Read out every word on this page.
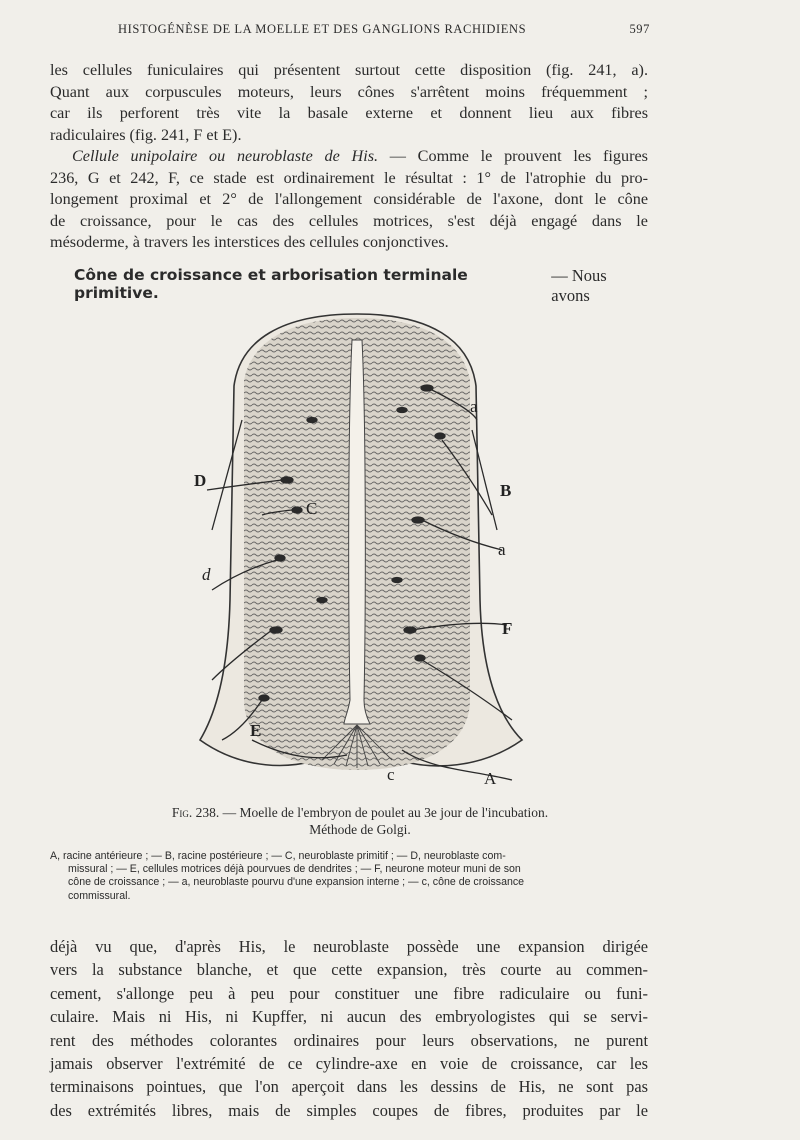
HISTOGÉNÈSE DE LA MOELLE ET DES GANGLIONS RACHIDIENS	597
les cellules funiculaires qui présentent surtout cette disposition (fig. 241, a).
Quant aux corpuscules moteurs, leurs cônes s'arrêtent moins fréquemment ;
car ils perforent très vite la basale externe et donnent lieu aux fibres
radiculaires (fig. 241, F et E).
Cellule unipolaire ou neuroblaste de His. — Comme le prouvent les figures
236, G et 242, F, ce stade est ordinairement le résultat : 1° de l'atrophie du pro-
longement proximal et 2° de l'allongement considérable de l'axone, dont le cône
de croissance, pour le cas des cellules motrices, s'est déjà engagé dans le
mésoderme, à travers les interstices des cellules conjonctives.
Cône de croissance et arborisation terminale primitive.
— Nous avons
a
B
D
C
a
d
F
E
c	A
Fig. 238. — Moelle de l'embryon de poulet au 3e jour de l'incubation.
Méthode de Golgi.
A, racine antérieure ; — B, racine postérieure ; — C, neuroblaste primitif ; — D, neuroblaste com-
missural ; — E, cellules motrices déjà pourvues de dendrites ; — F, neurone moteur muni de son
cône de croissance ; — a, neuroblaste pourvu d'une expansion interne ; — c, cône de croissance
commissural.
déjà vu que, d'après His, le neuroblaste possède une expansion dirigée
vers la substance blanche, et que cette expansion, très courte au commen-
cement, s'allonge peu à peu pour constituer une fibre radiculaire ou funi-
culaire. Mais ni His, ni Kupffer, ni aucun des embryologistes qui se servi-
rent des méthodes colorantes ordinaires pour leurs observations, ne purent
jamais observer l'extrémité de ce cylindre-axe en voie de croissance, car les
terminaisons pointues, que l'on aperçoit dans les dessins de His, ne sont pas
des extrémités libres, mais de simples coupes de fibres, produites par le
